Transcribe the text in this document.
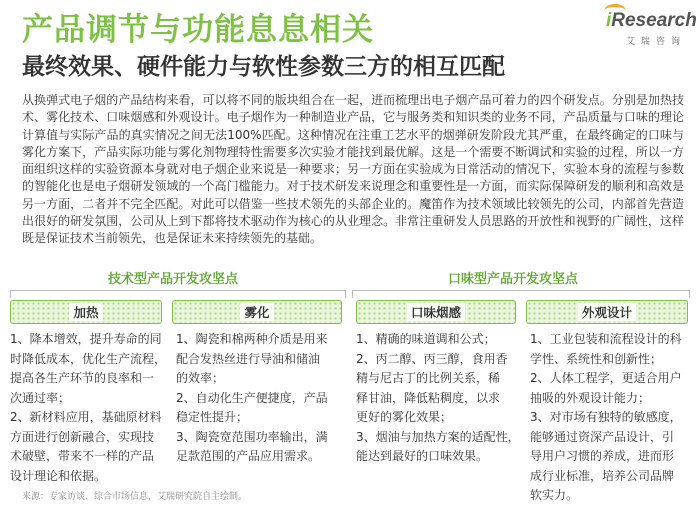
产品调节与功能息息相关
最终效果、硬件能力与软性参数三方的相互匹配
iResearch
艾瑞咨询
从换弹式电子烟的产品结构来看，可以将不同的版块组合在一起，进而梳理出电子烟产品可着力的四个研发点。分别是加热技术、雾化技术、口味烟感和外观设计。电子烟作为一种制造业产品，它与服务类和知识类的业务不同，产品质量与口味的理论计算值与实际产品的真实情况之间无法100%匹配。这种情况在注重工艺水平的烟弹研发阶段尤其严重，在最终确定的口味与雾化方案下，产品实际功能与雾化剂物理特性需要多次实验才能找到最优解。这是一个需要不断调试和实验的过程，所以一方面组织这样的实验资源本身就对电子烟企业来说是一种要求；另一方面在实验成为日常活动的情况下，实验本身的流程与参数的智能化也是电子烟研发领域的一个高门槛能力。对于技术研发来说理念和重要性是一方面，而实际保障研发的顺利和高效是另一方面，二者并不完全匹配。对此可以借鉴一些技术领先的头部企业的。魔笛作为技术领域比较领先的公司，内部首先营造出很好的研发氛围，公司从上到下都将技术驱动作为核心的从业理念。非常注重研发人员思路的开放性和视野的广阔性，这样既是保证技术当前领先，也是保证未来持续领先的基础。
技术型产品开发攻坚点
加热	雾化

1、降本增效，提升寿命的同

时降低成本，优化生产流程，

提高各生产环节的良率和一

次通过率；

2、新材料应用，基础原材料

方面进行创新融合，实现技

术破壁，带来不一样的产品

设计理论和依据。

1、陶瓷和棉两种介质是用来

配合发热丝进行导油和储油

的效率；

2、自动化生产便捷度，产品

稳定性提升；

3、陶瓷宽范围功率输出，满

足款范围的产品应用需求。

口味型产品开发攻坚点
口味烟感	外观设计

1、精确的味道调和公式；

2、丙二醇、丙三醇，食用香

精与尼古丁的比例关系，稀

释甘油，降低粘稠度，以求

更好的雾化效果；

3、烟油与加热方案的适配性，

能达到最好的口味效果。

1、工业包装和流程设计的科

学性、系统性和创新性；

2、人体工程学，更适合用户

抽吸的外观设计能力；

3、对市场有独特的敏感度，

能够通过资深产品设计，引

导用户习惯的养成，进而形

成行业标准，培养公司品牌

软实力。

来源：专家访谈、综合市场信息，艾瑞研究院自主绘制。
